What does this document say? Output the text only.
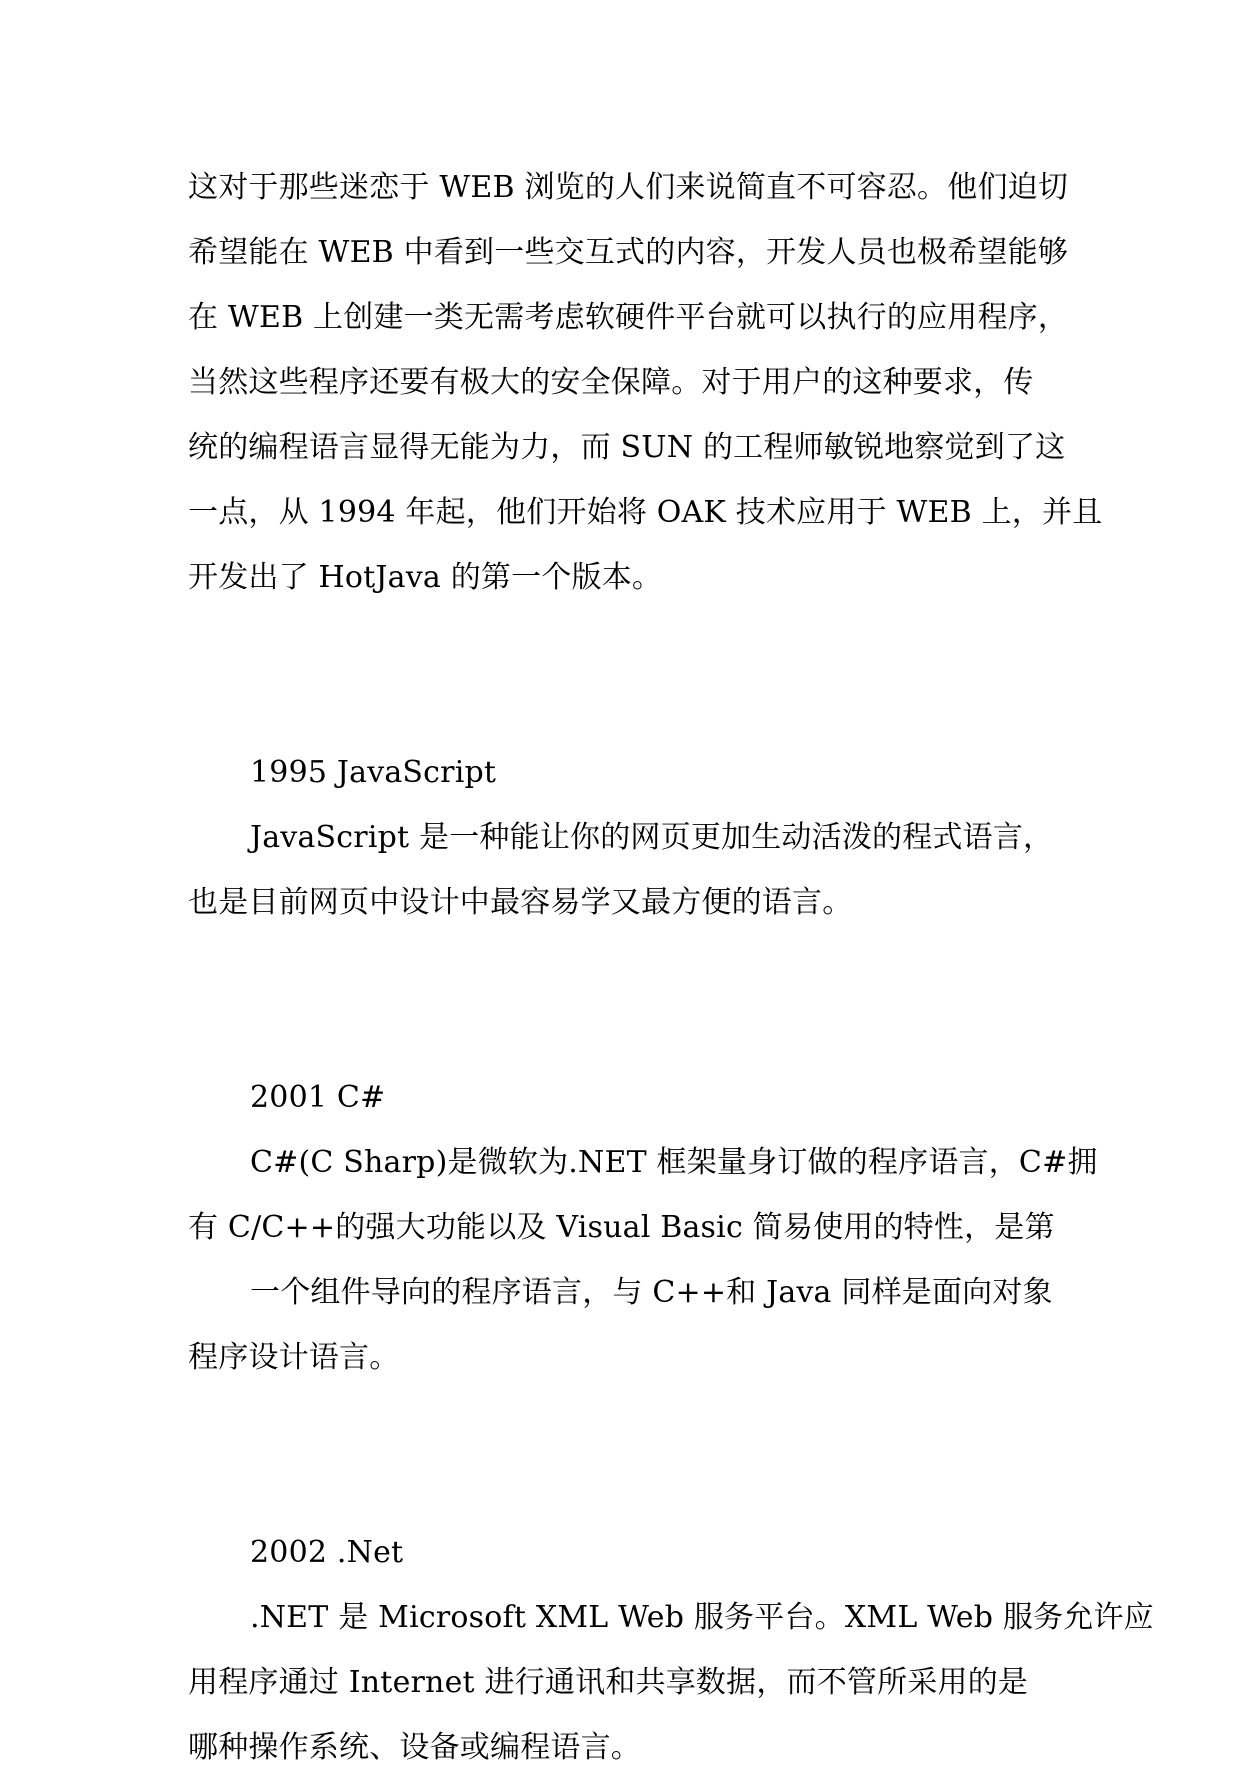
这对于那些迷恋于 WEB 浏览的人们来说简直不可容忍。他们迫切
希望能在 WEB 中看到一些交互式的内容，开发人员也极希望能够
在 WEB 上创建一类无需考虑软硬件平台就可以执行的应用程序，
当然这些程序还要有极大的安全保障。对于用户的这种要求，传
统的编程语言显得无能为力，而 SUN 的工程师敏锐地察觉到了这
一点，从 1994 年起，他们开始将 OAK 技术应用于 WEB 上，并且
开发出了 HotJava 的第一个版本。
1995 JavaScript
JavaScript 是一种能让你的网页更加生动活泼的程式语言，
也是目前网页中设计中最容易学又最方便的语言。
2001 C#
C#(C Sharp)是微软为.NET 框架量身订做的程序语言，C#拥
有 C/C++的强大功能以及 Visual Basic 简易使用的特性，是第
一个组件导向的程序语言，与 C++和 Java 同样是面向对象
程序设计语言。
2002 .Net
.NET 是 Microsoft XML Web 服务平台。XML Web 服务允许应
用程序通过 Internet 进行通讯和共享数据，而不管所采用的是
哪种操作系统、设备或编程语言。
